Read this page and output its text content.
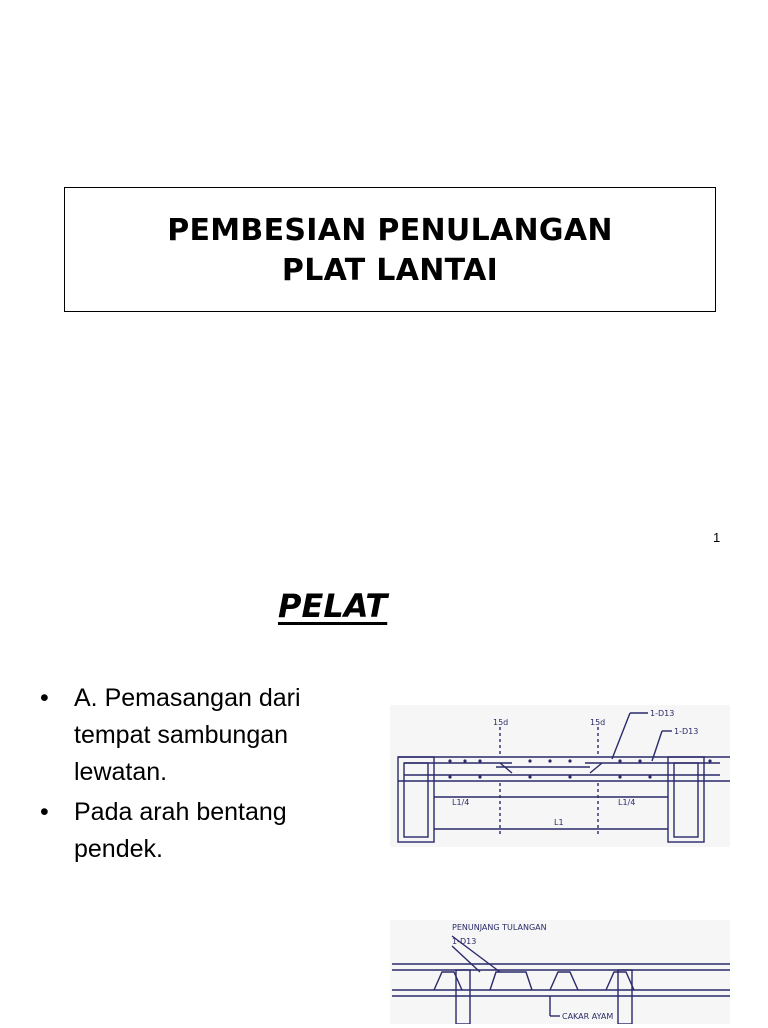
PEMBESIAN PENULANGAN
PLAT LANTAI
1
PELAT
•	A. Pemasangan dari tempat sambungan lewatan.
•	Pada arah bentang pendek.
15d	15d
1-D13
1-D13
L1/4	L1/4
L1
PENUNJANG TULANGAN
1-D13
CAKAR AYAM
